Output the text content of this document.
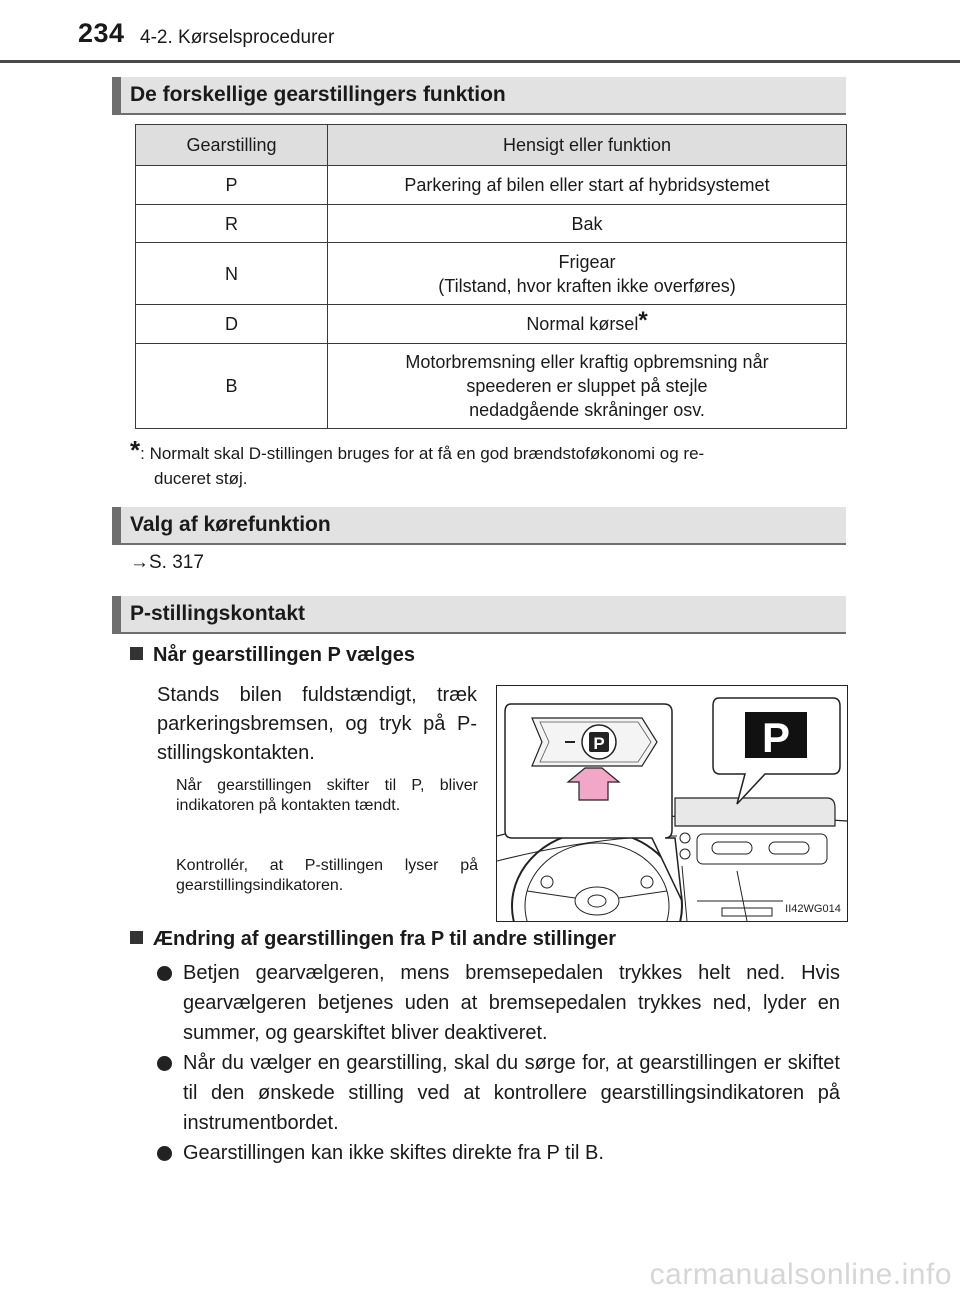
234 4-2. Kørselsprocedurer
De forskellige gearstillingers funktion
Gearstilling	Hensigt eller funktion
P	Parkering af bilen eller start af hybridsystemet
R	Bak
N	Frigear
(Tilstand, hvor kraften ikke overføres)
D	Normal kørsel*
B	Motorbremsning eller kraftig opbremsning når
speederen er sluppet på stejle
nedadgående skråninger osv.
*: Normalt skal D-stillingen bruges for at få en god brændstoføkonomi og re-
duceret støj.
Valg af kørefunktion
→S. 317
P-stillingskontakt
Når gearstillingen P vælges
Stands bilen fuldstændigt, træk parkeringsbremsen, og tryk på P-stillingskontakten.
Når gearstillingen skifter til P, bliver indikatoren på kontakten tændt.
Kontrollér, at P-stillingen lyser på gearstillingsindikatoren.
P	P
II42WG014
Ændring af gearstillingen fra P til andre stillinger
Betjen gearvælgeren, mens bremsepedalen trykkes helt ned. Hvis gearvælgeren betjenes uden at bremsepedalen trykkes ned, lyder en summer, og gearskiftet bliver deaktiveret.
Når du vælger en gearstilling, skal du sørge for, at gearstillingen er skiftet til den ønskede stilling ved at kontrollere gearstillingsindikatoren på instrumentbordet.
Gearstillingen kan ikke skiftes direkte fra P til B.
carmanualsonline.info
